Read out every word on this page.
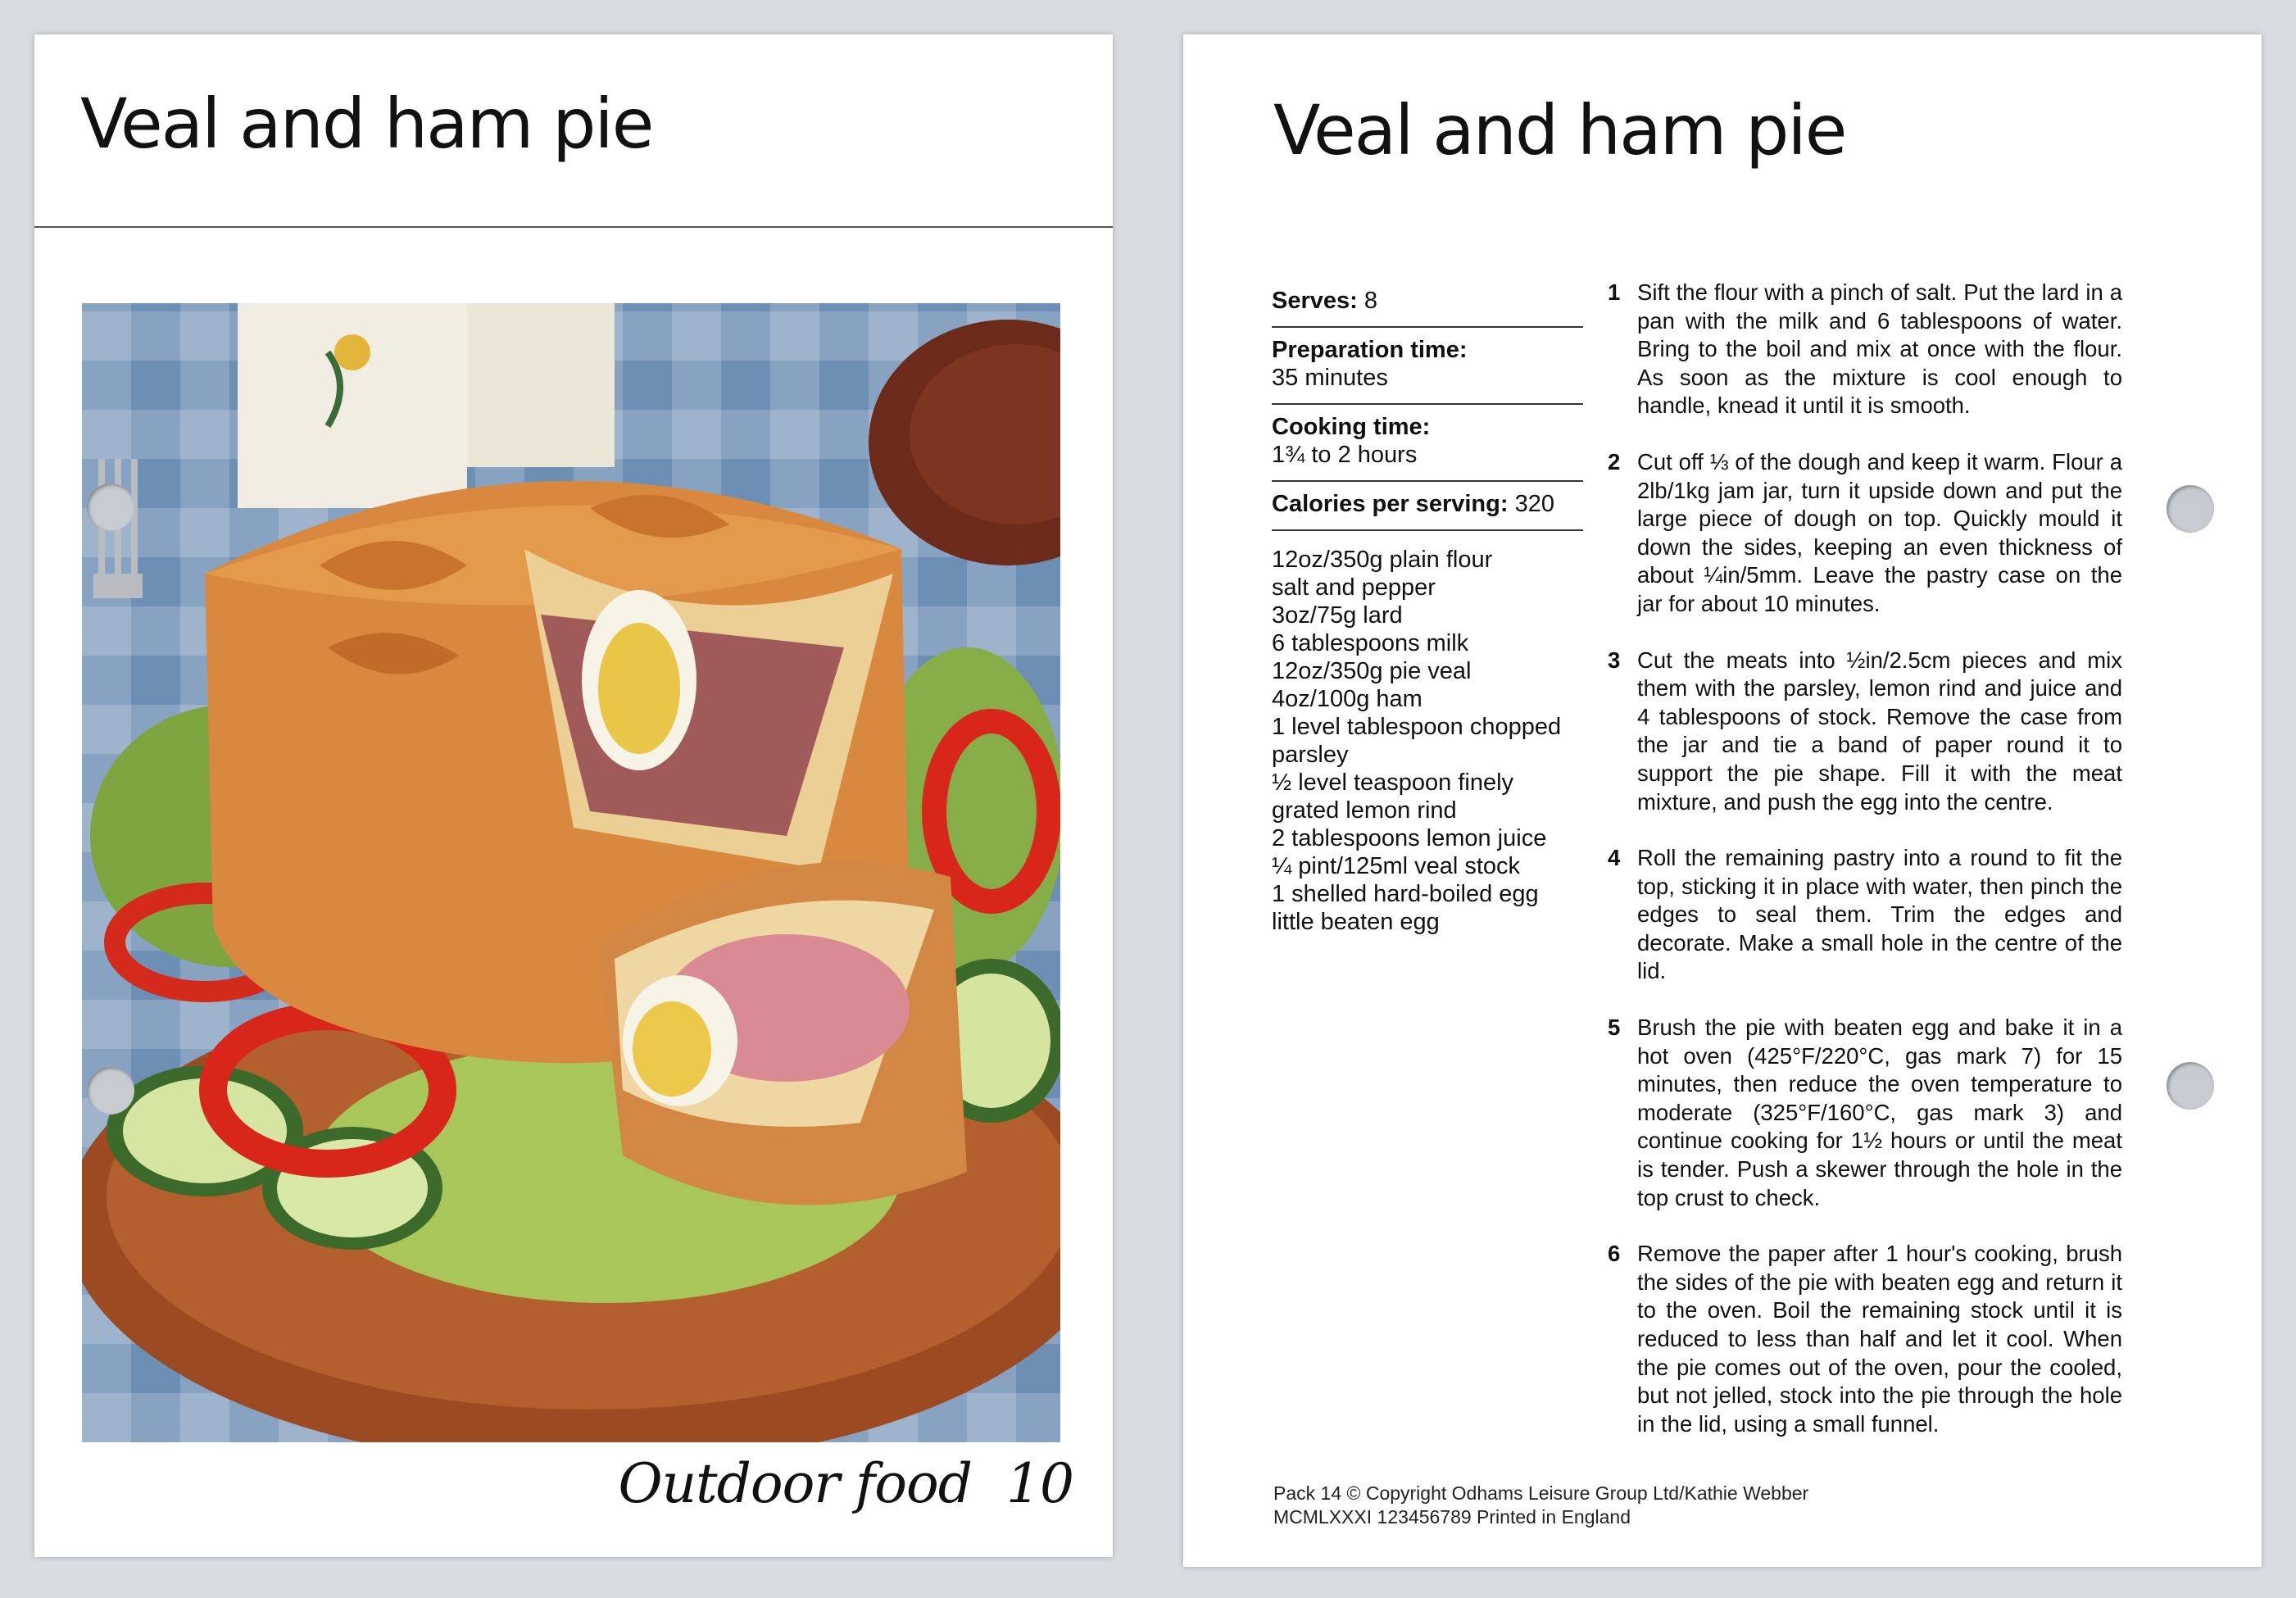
Veal and ham pie
Outdoor food 10
Veal and ham pie
Serves: 8
Preparation time:
35 minutes
Cooking time:
1¾ to 2 hours
Calories per serving: 320
12oz/350g plain flour
salt and pepper
3oz/75g lard
6 tablespoons milk
12oz/350g pie veal
4oz/100g ham
1 level tablespoon chopped parsley
½ level teaspoon finely grated lemon rind
2 tablespoons lemon juice
¼ pint/125ml veal stock
1 shelled hard-boiled egg
little beaten egg
1 Sift the flour with a pinch of salt. Put the lard in a pan with the milk and 6 tablespoons of water. Bring to the boil and mix at once with the flour. As soon as the mixture is cool enough to handle, knead it until it is smooth.

2 Cut off ⅓ of the dough and keep it warm. Flour a 2lb/1kg jam jar, turn it upside down and put the large piece of dough on top. Quickly mould it down the sides, keeping an even thickness of about ¼in/5mm. Leave the pastry case on the jar for about 10 minutes.

3 Cut the meats into ½in/2.5cm pieces and mix them with the parsley, lemon rind and juice and 4 tablespoons of stock. Remove the case from the jar and tie a band of paper round it to support the pie shape. Fill it with the meat mixture, and push the egg into the centre.

4 Roll the remaining pastry into a round to fit the top, sticking it in place with water, then pinch the edges to seal them. Trim the edges and decorate. Make a small hole in the centre of the lid.

5 Brush the pie with beaten egg and bake it in a hot oven (425°F/220°C, gas mark 7) for 15 minutes, then reduce the oven temperature to moderate (325°F/160°C, gas mark 3) and continue cooking for 1½ hours or until the meat is tender. Push a skewer through the hole in the top crust to check.

6 Remove the paper after 1 hour's cooking, brush the sides of the pie with beaten egg and return it to the oven. Boil the remaining stock until it is reduced to less than half and let it cool. When the pie comes out of the oven, pour the cooled, but not jelled, stock into the pie through the hole in the lid, using a small funnel.

Pack 14 © Copyright Odhams Leisure Group Ltd/Kathie Webber
MCMLXXXI 123456789 Printed in England
